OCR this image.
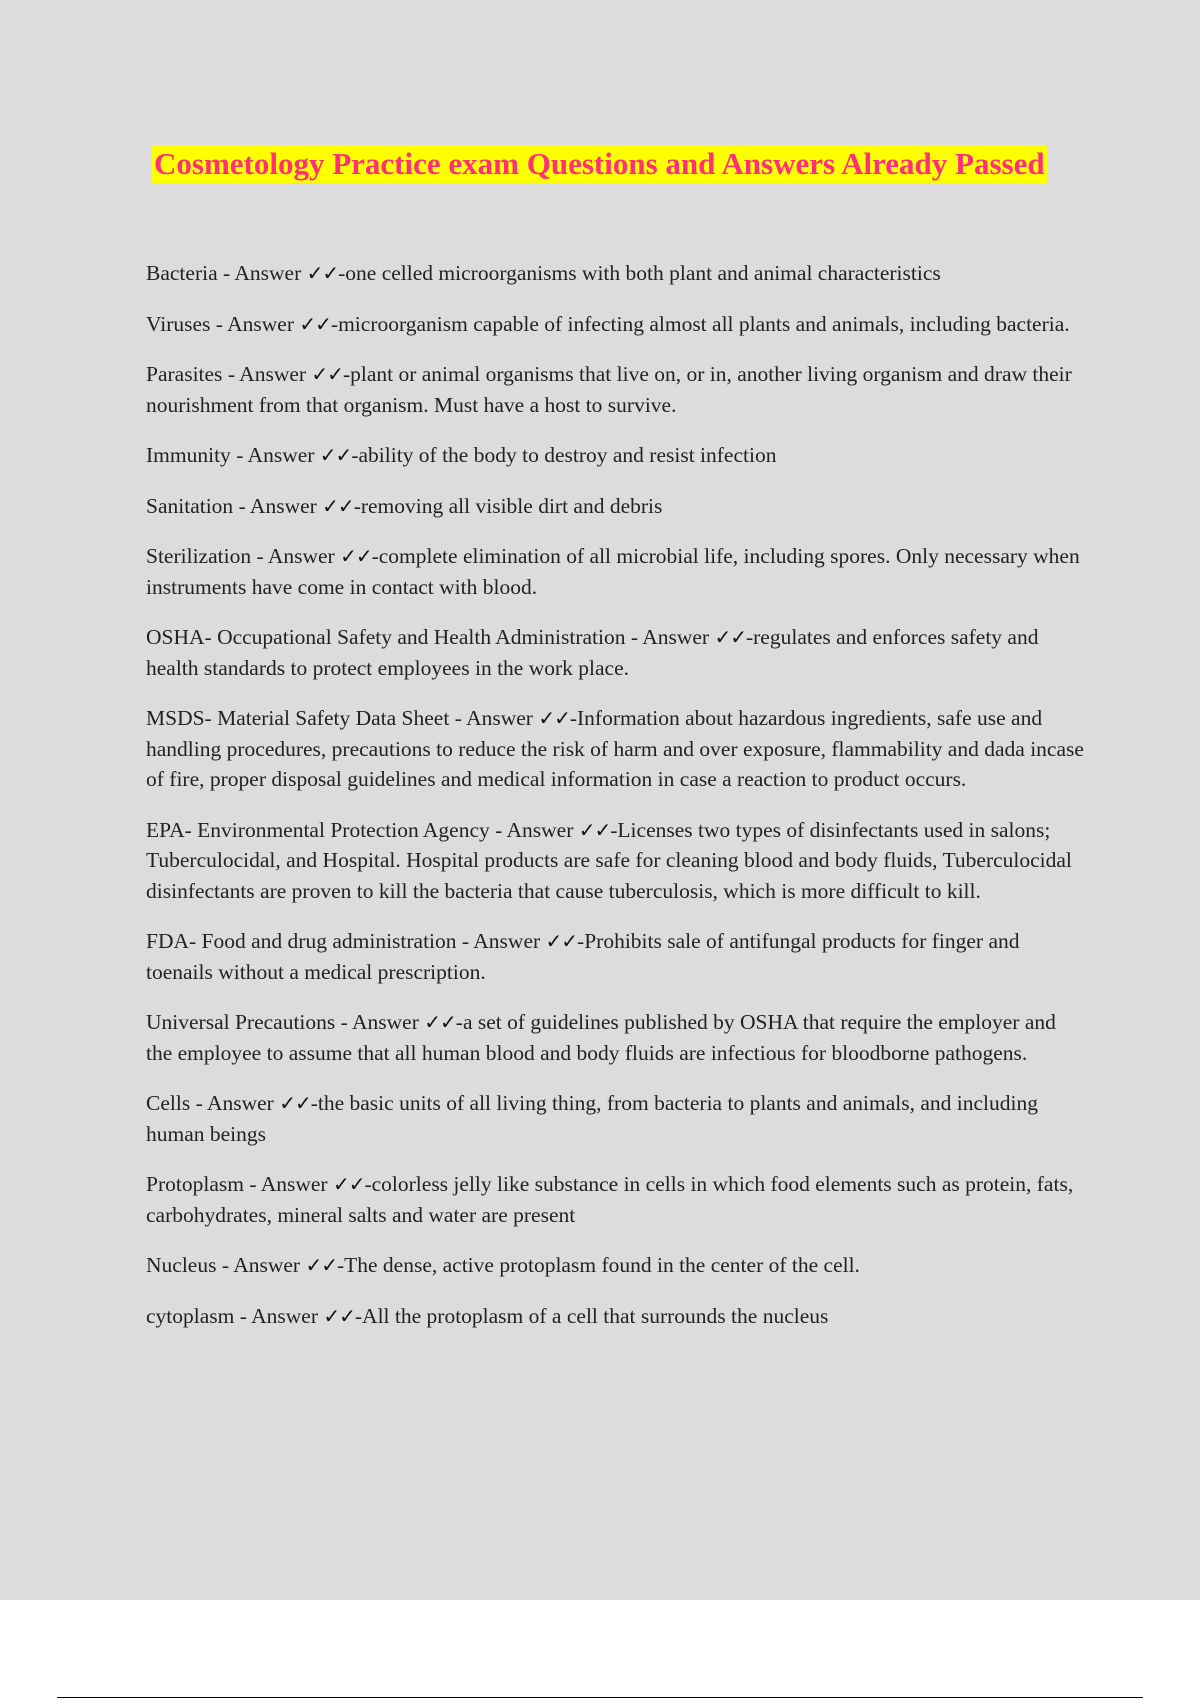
Cosmetology Practice exam Questions and Answers Already Passed
Bacteria - Answer ✓✓-one celled microorganisms with both plant and animal characteristics
Viruses - Answer ✓✓-microorganism capable of infecting almost all plants and animals, including bacteria.
Parasites - Answer ✓✓-plant or animal organisms that live on, or in, another living organism and draw their nourishment from that organism. Must have a host to survive.
Immunity - Answer ✓✓-ability of the body to destroy and resist infection
Sanitation - Answer ✓✓-removing all visible dirt and debris
Sterilization - Answer ✓✓-complete elimination of all microbial life, including spores. Only necessary when instruments have come in contact with blood.
OSHA- Occupational Safety and Health Administration - Answer ✓✓-regulates and enforces safety and health standards to protect employees in the work place.
MSDS- Material Safety Data Sheet - Answer ✓✓-Information about hazardous ingredients, safe use and handling procedures, precautions to reduce the risk of harm and over exposure, flammability and dada incase of fire, proper disposal guidelines and medical information in case a reaction to product occurs.
EPA- Environmental Protection Agency - Answer ✓✓-Licenses two types of disinfectants used in salons; Tuberculocidal, and Hospital. Hospital products are safe for cleaning blood and body fluids, Tuberculocidal disinfectants are proven to kill the bacteria that cause tuberculosis, which is more difficult to kill.
FDA- Food and drug administration - Answer ✓✓-Prohibits sale of antifungal products for finger and toenails without a medical prescription.
Universal Precautions - Answer ✓✓-a set of guidelines published by OSHA that require the employer and the employee to assume that all human blood and body fluids are infectious for bloodborne pathogens.
Cells - Answer ✓✓-the basic units of all living thing, from bacteria to plants and animals, and including human beings
Protoplasm - Answer ✓✓-colorless jelly like substance in cells in which food elements such as protein, fats, carbohydrates, mineral salts and water are present
Nucleus - Answer ✓✓-The dense, active protoplasm found in the center of the cell.
cytoplasm - Answer ✓✓-All the protoplasm of a cell that surrounds the nucleus
